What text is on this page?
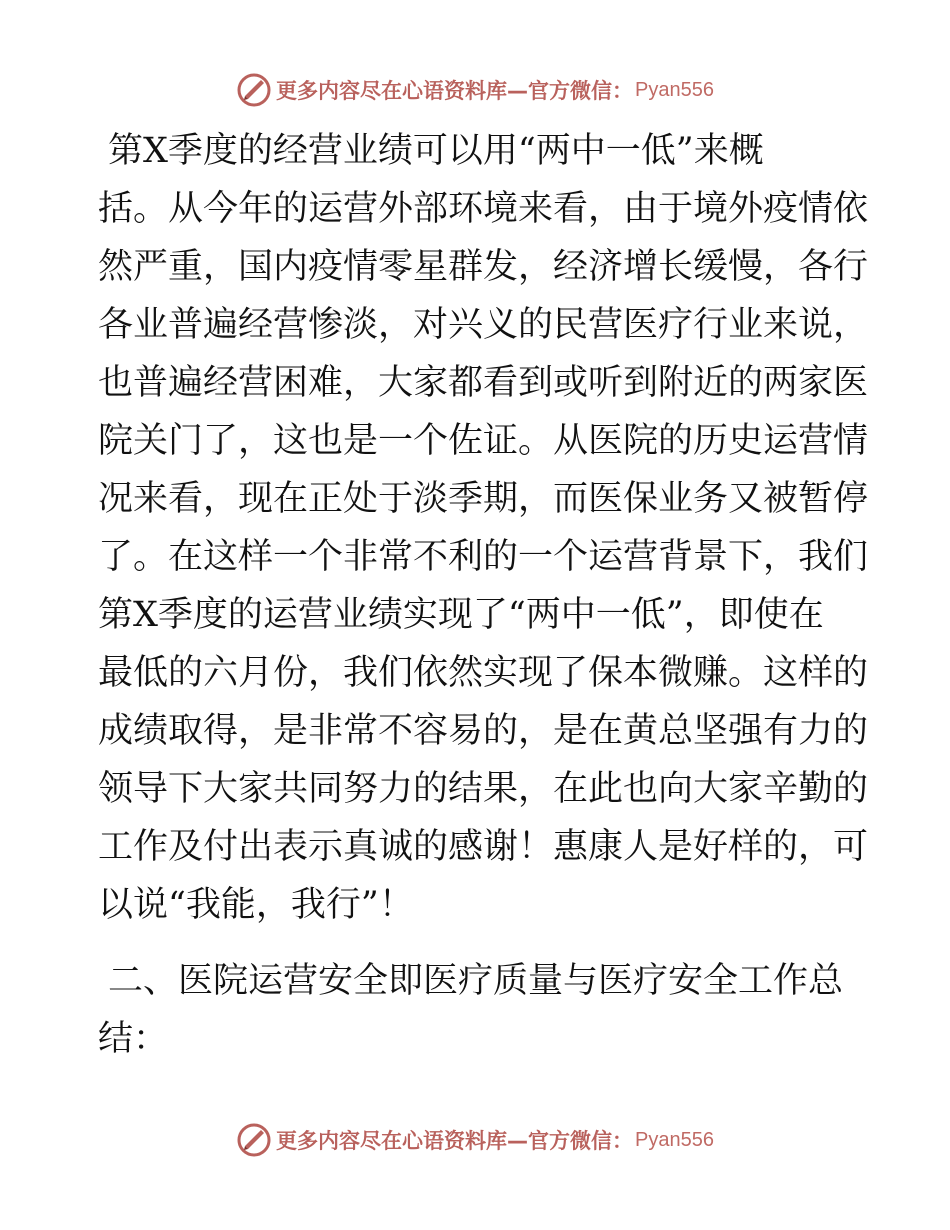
更多内容尽在心语资料库—官方微信： Pyan556

第X季度的经营业绩可以用“两中一低”来概
括。从今年的运营外部环境来看，由于境外疫情依
然严重，国内疫情零星群发，经济增长缓慢，各行
各业普遍经营惨淡，对兴义的民营医疗行业来说，
也普遍经营困难，大家都看到或听到附近的两家医
院关门了，这也是一个佐证。从医院的历史运营情
况来看，现在正处于淡季期，而医保业务又被暂停
了。在这样一个非常不利的一个运营背景下，我们
第X季度的运营业绩实现了“两中一低”，即使在
最低的六月份，我们依然实现了保本微赚。这样的
成绩取得，是非常不容易的，是在黄总坚强有力的
领导下大家共同努力的结果，在此也向大家辛勤的
工作及付出表示真诚的感谢！惠康人是好样的，可
以说“我能，我行”！

二、医院运营安全即医疗质量与医疗安全工作总
结：

更多内容尽在心语资料库—官方微信： Pyan556
